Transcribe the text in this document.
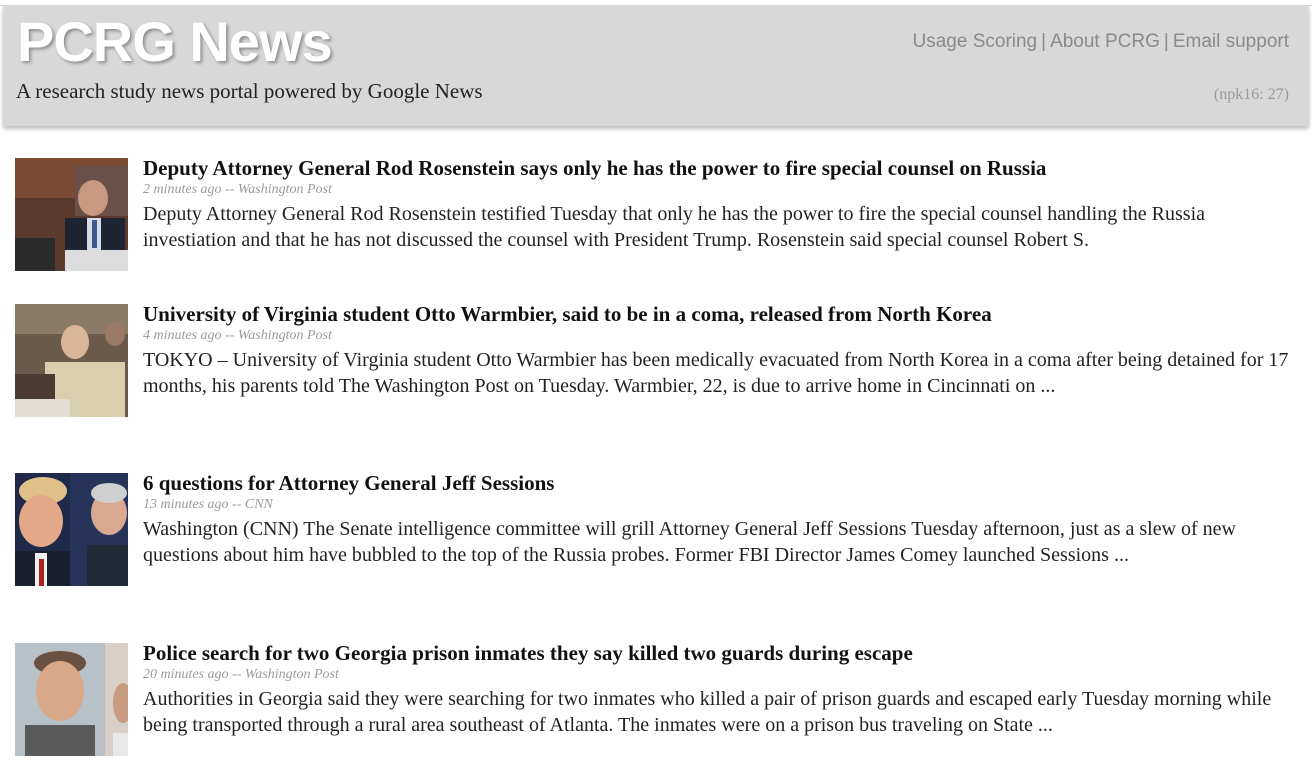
PCRG News
A research study news portal powered by Google News
Usage Scoring | About PCRG | Email support
(npk16: 27)
Deputy Attorney General Rod Rosenstein says only he has the power to fire special counsel on Russia
2 minutes ago -- Washington Post
Deputy Attorney General Rod Rosenstein testified Tuesday that only he has the power to fire the special counsel handling the Russia investiation and that he has not discussed the counsel with President Trump. Rosenstein said special counsel Robert S.
University of Virginia student Otto Warmbier, said to be in a coma, released from North Korea
4 minutes ago -- Washington Post
TOKYO – University of Virginia student Otto Warmbier has been medically evacuated from North Korea in a coma after being detained for 17 months, his parents told The Washington Post on Tuesday. Warmbier, 22, is due to arrive home in Cincinnati on ...
6 questions for Attorney General Jeff Sessions
13 minutes ago -- CNN
Washington (CNN) The Senate intelligence committee will grill Attorney General Jeff Sessions Tuesday afternoon, just as a slew of new questions about him have bubbled to the top of the Russia probes. Former FBI Director James Comey launched Sessions ...
Police search for two Georgia prison inmates they say killed two guards during escape
20 minutes ago -- Washington Post
Authorities in Georgia said they were searching for two inmates who killed a pair of prison guards and escaped early Tuesday morning while being transported through a rural area southeast of Atlanta. The inmates were on a prison bus traveling on State ...
